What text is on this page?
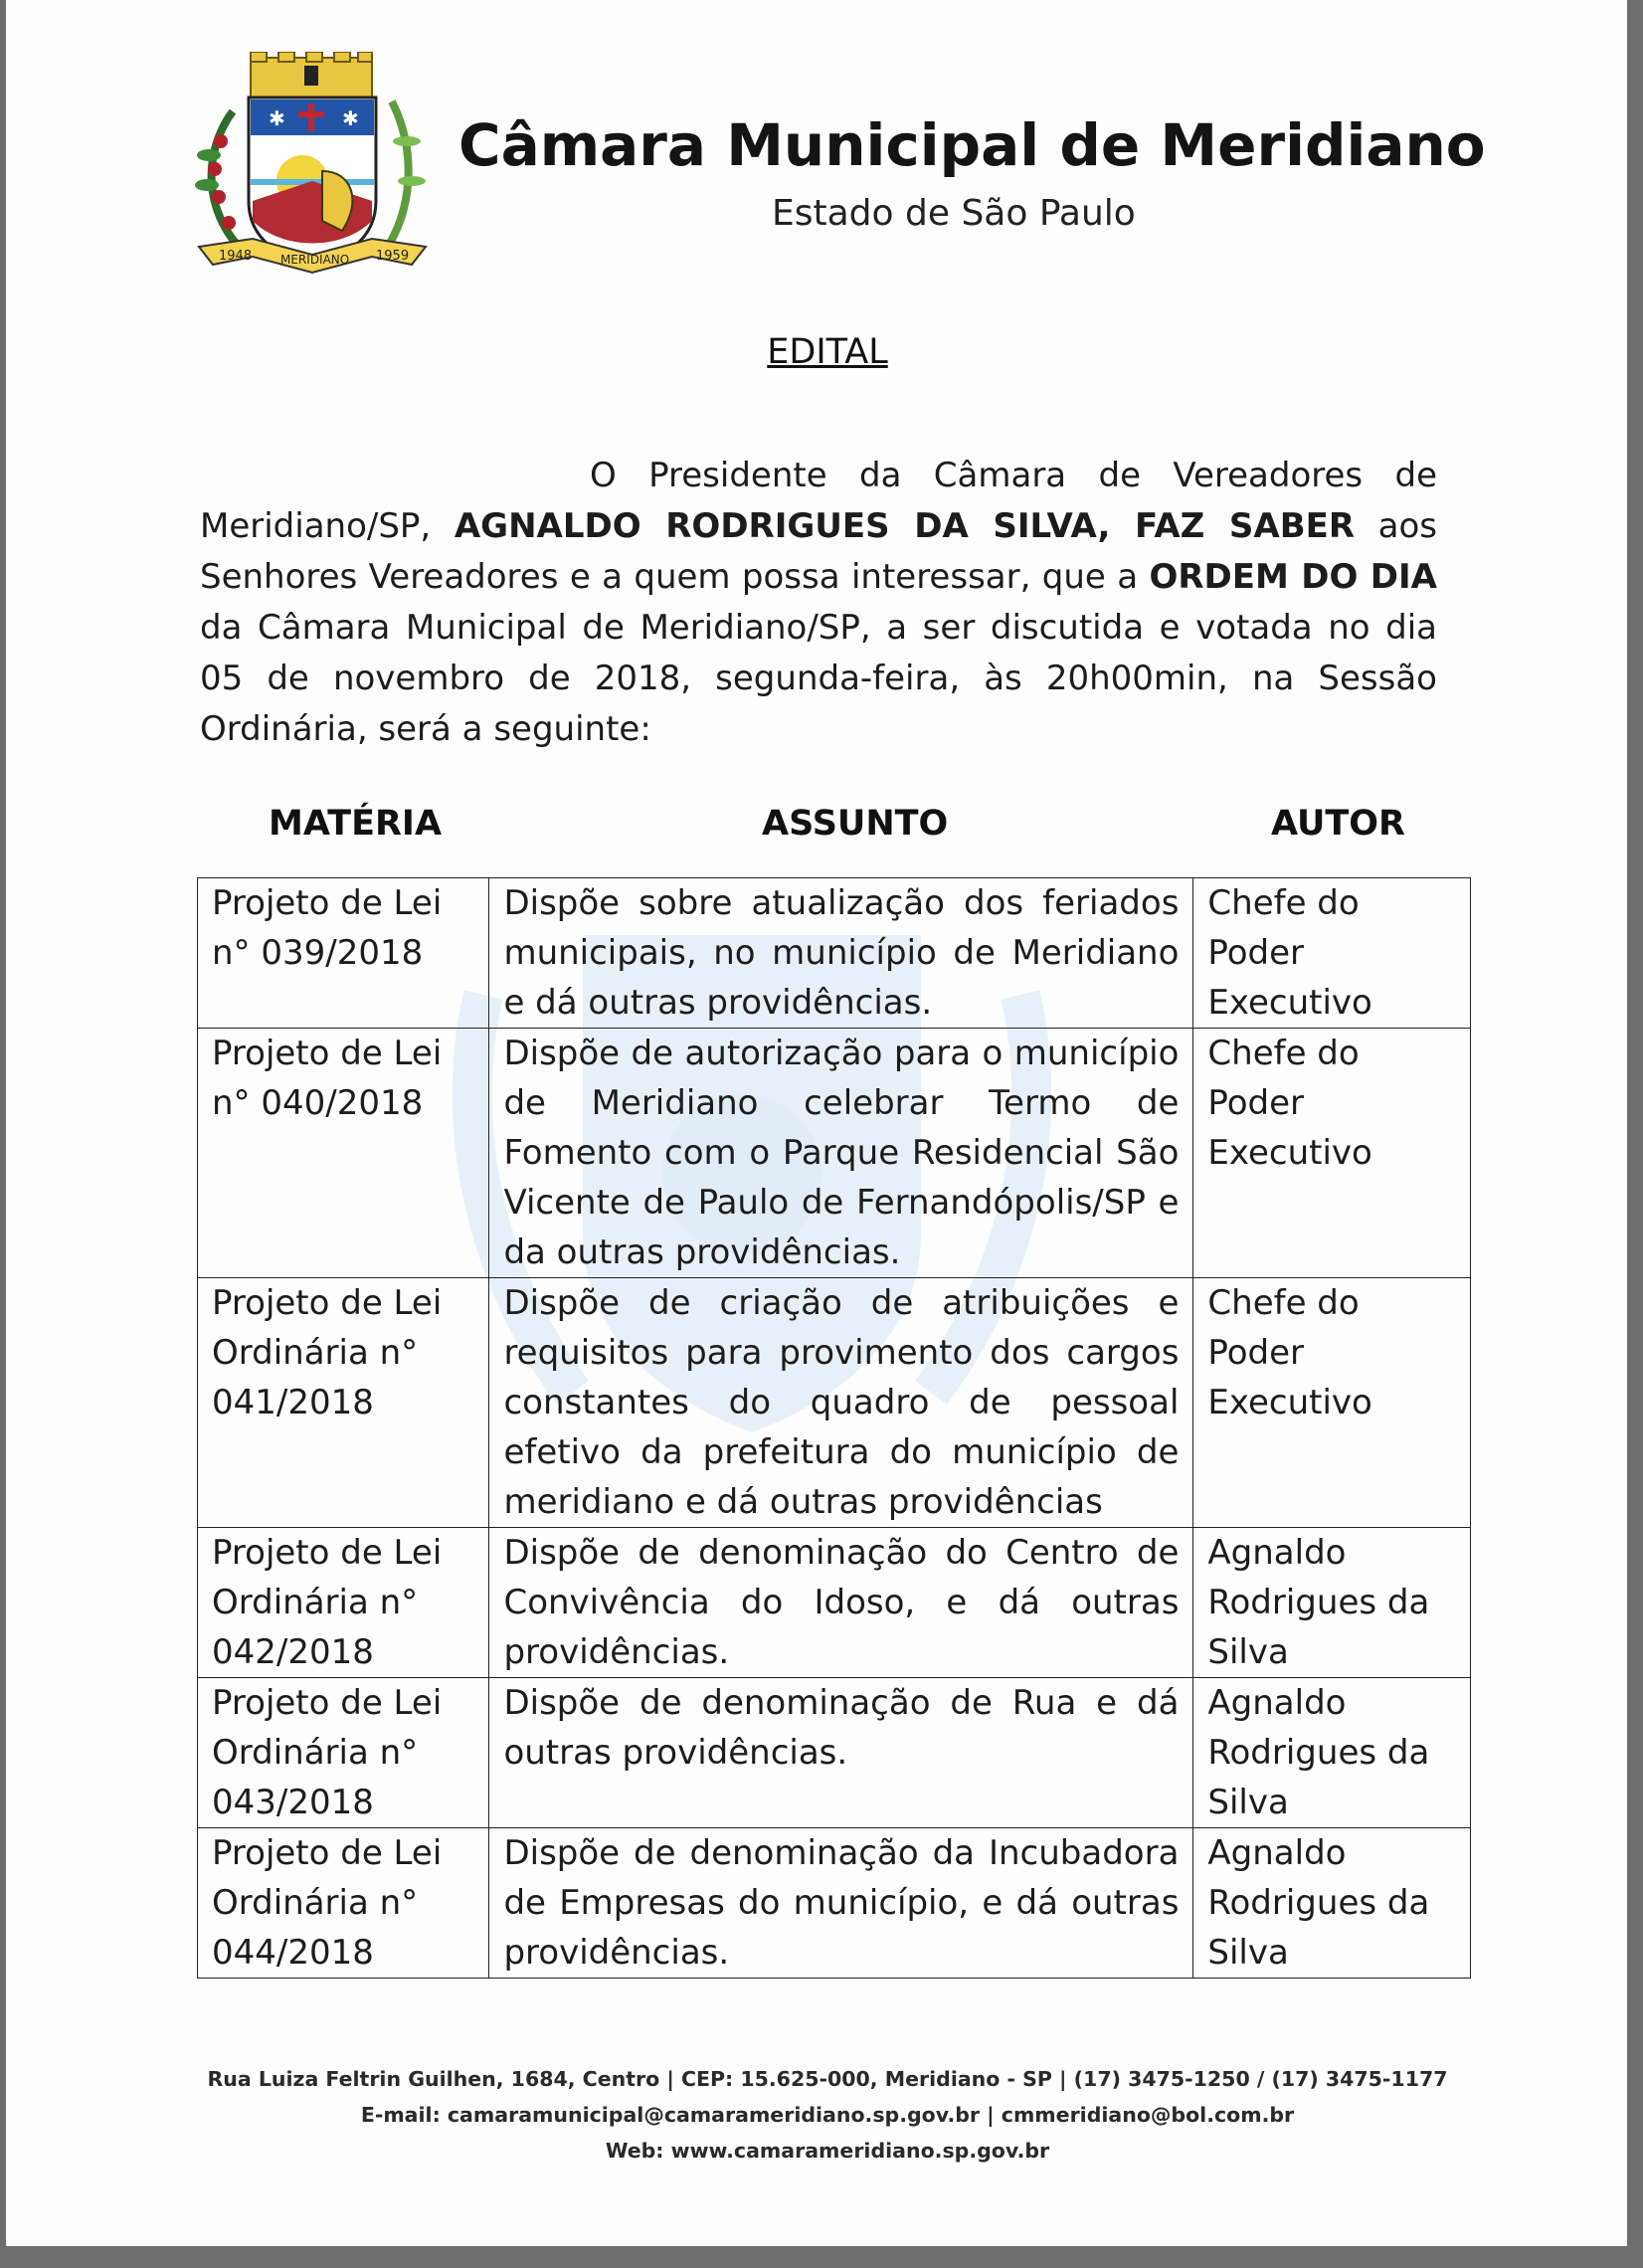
✱	✱
1948 MERIDIANO 1959
Câmara Municipal de Meridiano
Estado de São Paulo
EDITAL
O Presidente da Câmara de Vereadores de Meridiano/SP, AGNALDO RODRIGUES DA SILVA, FAZ SABER aos Senhores Vereadores e a quem possa interessar, que a ORDEM DO DIA da Câmara Municipal de Meridiano/SP, a ser discutida e votada no dia 05 de novembro de 2018, segunda-feira, às 20h00min, na Sessão Ordinária, será a seguinte:
MATÉRIA	ASSUNTO	AUTOR
Projeto de Lei n° 039/2018	Dispõe sobre atualização dos feriados municipais, no município de Meridiano e dá outras providências.	Chefe do Poder Executivo
Projeto de Lei n° 040/2018	Dispõe de autorização para o município de Meridiano celebrar Termo de Fomento com o Parque Residencial São Vicente de Paulo de Fernandópolis/SP e da outras providências.	Chefe do Poder Executivo
Projeto de Lei Ordinária n° 041/2018	Dispõe de criação de atribuições e requisitos para provimento dos cargos constantes do quadro de pessoal efetivo da prefeitura do município de meridiano e dá outras providências	Chefe do Poder Executivo
Projeto de Lei Ordinária n° 042/2018	Dispõe de denominação do Centro de Convivência do Idoso, e dá outras providências.	Agnaldo Rodrigues da Silva
Projeto de Lei Ordinária n° 043/2018	Dispõe de denominação de Rua e dá outras providências.	Agnaldo Rodrigues da Silva
Projeto de Lei Ordinária n° 044/2018	Dispõe de denominação da Incubadora de Empresas do município, e dá outras providências.	Agnaldo Rodrigues da Silva
Rua Luiza Feltrin Guilhen, 1684, Centro | CEP: 15.625-000, Meridiano - SP | (17) 3475-1250 / (17) 3475-1177
E-mail: camaramunicipal@camarameridiano.sp.gov.br | cmmeridiano@bol.com.br
Web: www.camarameridiano.sp.gov.br
